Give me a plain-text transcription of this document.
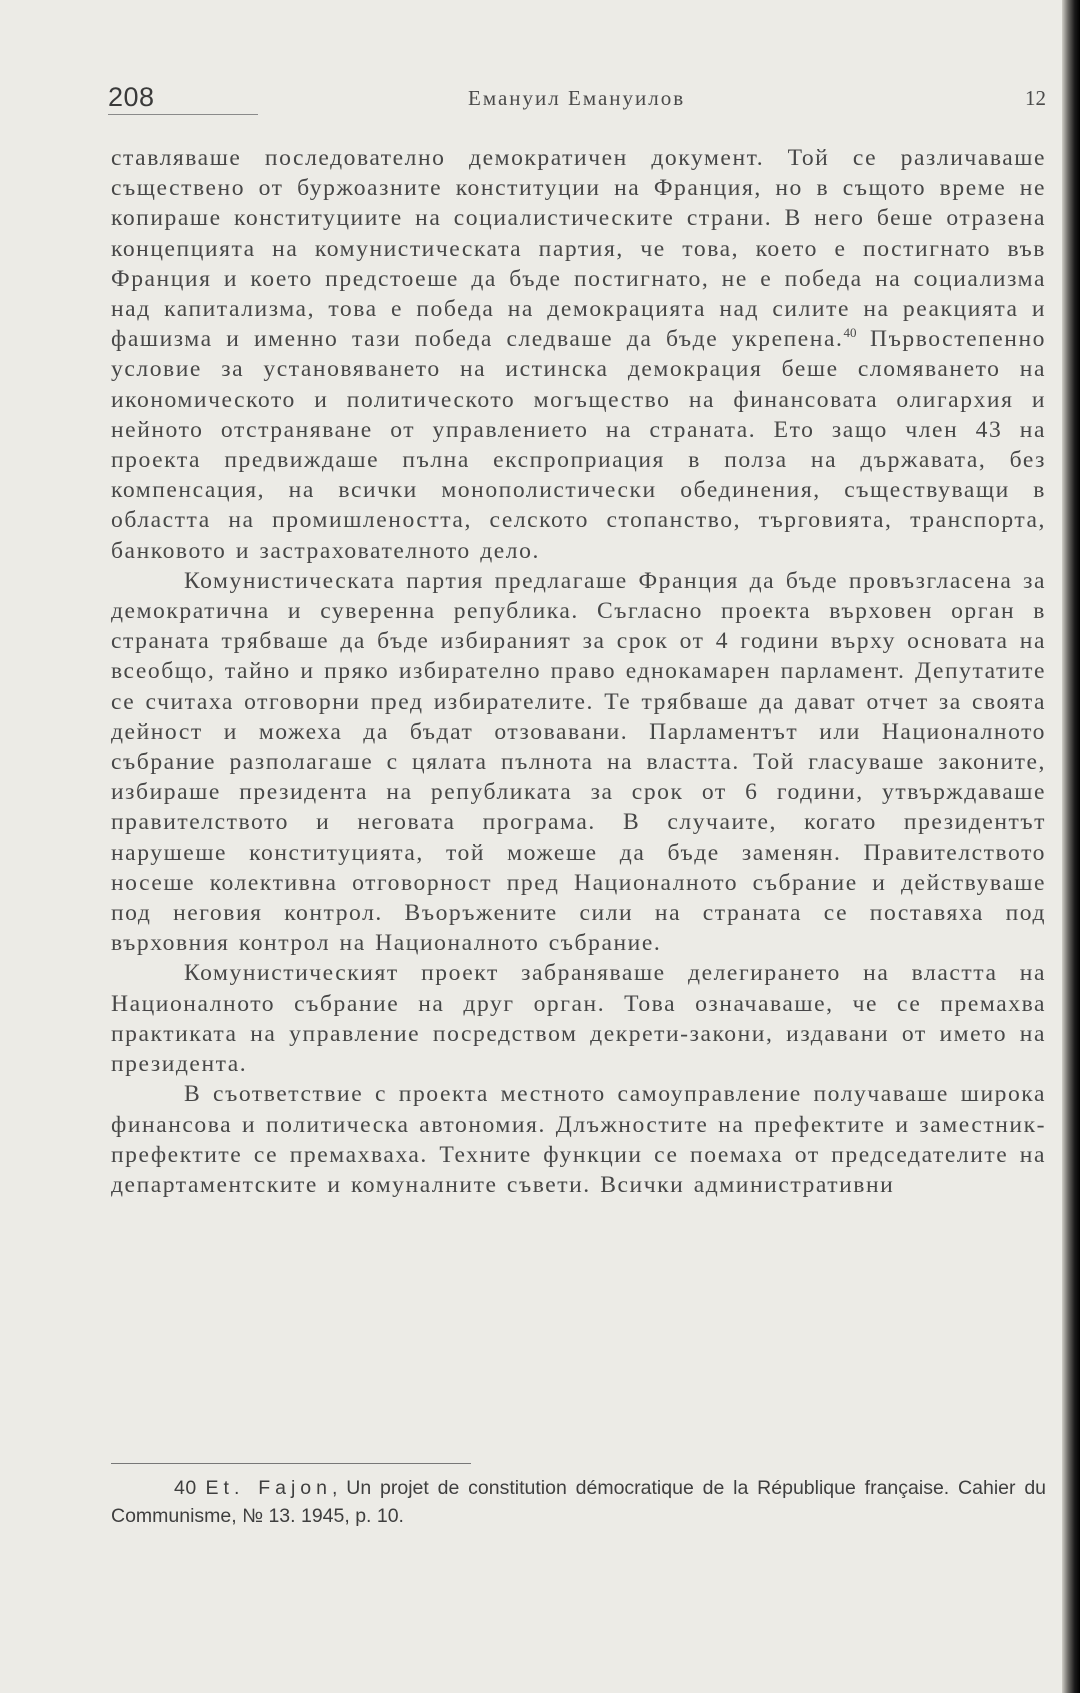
208	Емануил Емануилов	12

ставляваше последователно демократичен документ. Той се различаваше съществено от буржоазните конституции на Франция, но в същото време не копираше конституциите на социалистическите страни. В него беше отразена концепцията на комунистическата партия, че това, което е постигнато във Франция и което предстоеше да бъде постигнато, не е победа на социализма над капитализма, това е победа на демокрацията над силите на реакцията и фашизма и именно тази победа следваше да бъде укрепена.$^{40}$ Първостепенно условие за установяването на истинска демокрация беше сломяването на икономическото и политическото могъщество на финансовата олигархия и нейното отстраняване от управлението на страната. Ето защо член 43 на проекта предвиждаше пълна експроприация в полза на държавата, без компенсация, на всички монополистически обединения, съществуващи в областта на промишлеността, селското стопанство, търговията, транспорта, банковото и застрахователното дело.

Комунистическата партия предлагаше Франция да бъде провъзгласена за демократична и суверенна република. Съгласно проекта върховен орган в страната трябваше да бъде избираният за срок от 4 години върху основата на всеобщо, тайно и пряко избирателно право еднокамарен парламент. Депутатите се считаха отговорни пред избирателите. Те трябваше да дават отчет за своята дейност и можеха да бъдат отзовавани. Парламентът или Националното събрание разполагаше с цялата пълнота на властта. Той гласуваше законите, избираше президента на републиката за срок от 6 години, утвърждаваше правителството и неговата програма. В случаите, когато президентът нарушеше конституцията, той можеше да бъде заменян. Правителството носеше колективна отговорност пред Националното събрание и действуваше под неговия контрол. Въоръжените сили на страната се поставяха под върховния контрол на Националното събрание.

Комунистическият проект забраняваше делегирането на властта на Националното събрание на друг орган. Това означаваше, че се премахва практиката на управление посредством декрети-закони, издавани от името на президента.

В съответствие с проекта местното самоуправление получаваше широка финансова и политическа автономия. Длъжностите на префектите и заместник-префектите се премахваха. Техните функции се поемаха от председателите на департаментските и комуналните съвети. Всички административни

40 Et. Fajon, Un projet de constitution démocratique de la République française. Cahier du Communisme, № 13. 1945, p. 10.
